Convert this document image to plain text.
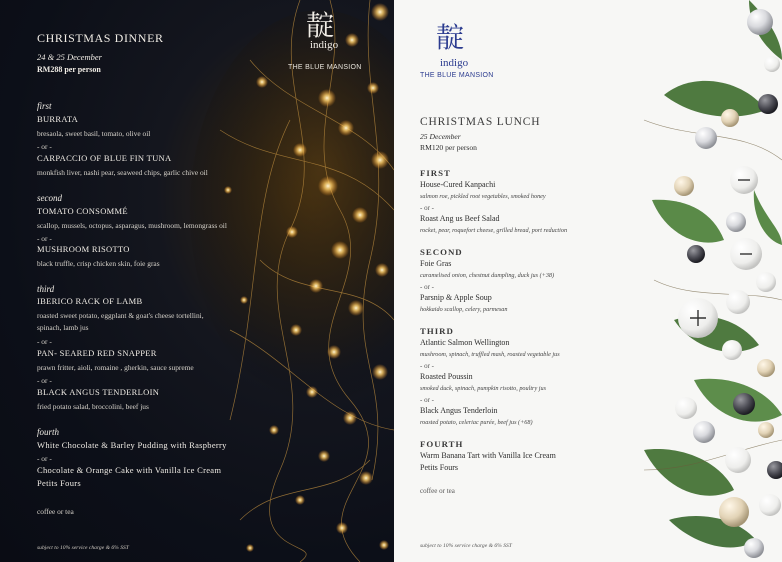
靛
indigo
THE BLUE MANSION
CHRISTMAS DINNER
24 & 25 December
RM288 per person
first
BURRATA
bresaola, sweet basil, tomato, olive oil
- or -
CARPACCIO OF BLUE FIN TUNA
monkfish liver, nashi pear, seaweed chips, garlic chive oil
second
TOMATO CONSOMMÉ
scallop, mussels, octopus, asparagus, mushroom, lemongrass oil
- or -
MUSHROOM RISOTTO
black truffle, crisp chicken skin, foie gras
third
IBERICO RACK OF LAMB
roasted sweet potato, eggplant & goat's cheese tortellini,
spinach, lamb jus
- or -
PAN- SEARED RED SNAPPER
prawn fritter, aioli, romaine , gherkin, sauce supreme
- or -
BLACK ANGUS TENDERLOIN
fried potato salad, broccolini, beef jus
fourth
White Chocolate & Barley Pudding with Raspberry
- or -
Chocolate & Orange Cake with Vanilla Ice Cream
Petits Fours
coffee or tea
subject to 10% service charge & 6% SST
靛
indigo
THE BLUE MANSION
CHRISTMAS LUNCH
25 December
RM120 per person
FIRST
House-Cured Kanpachi
salmon roe, pickled root vegetables, smoked honey
- or -
Roast Ang us Beef Salad
rocket, pear, roquefort cheese, grilled bread, port reduction
SECOND
Foie Gras
caramelised onion, chestnut dumpling, duck jus (+38)
- or -
Parsnip & Apple Soup
hokkaido scallop, celery, parmesan
THIRD
Atlantic Salmon Wellington
mushroom, spinach, truffled mash, roasted vegetable jus
- or -
Roasted Poussin
smoked duck, spinach, pumpkin risotto, poultry jus
- or -
Black Angus Tenderloin
roasted potato, celeriac purée, beef jus (+68)
FOURTH
Warm Banana Tart with Vanilla Ice Cream
Petits Fours
coffee or tea
subject to 10% service charge & 6% SST
